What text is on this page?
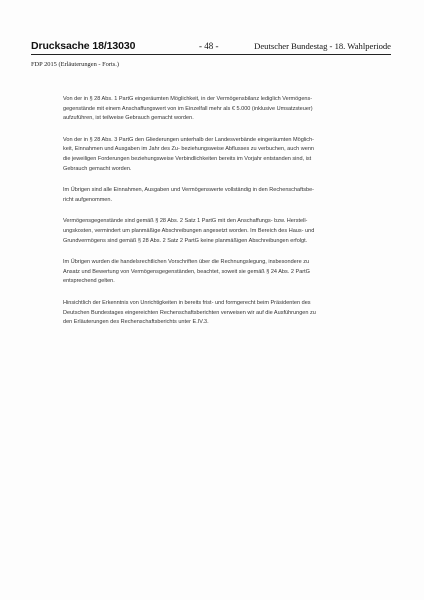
Drucksache 18/13030	- 48 -	Deutscher Bundestag - 18. Wahlperiode
FDP 2015 (Erläuterungen - Forts.)

Von der in § 28 Abs. 1 PartG eingeräumten Möglichkeit, in der Vermögensbilanz lediglich Vermögens-
gegenstände mit einem Anschaffungswert von im Einzelfall mehr als € 5.000 (inklusive Umsatzsteuer)
aufzuführen, ist teilweise Gebrauch gemacht worden.

Von der in § 28 Abs. 3 PartG den Gliederungen unterhalb der Landesverbände eingeräumten Möglich-
keit, Einnahmen und Ausgaben im Jahr des Zu- beziehungsweise Abflusses zu verbuchen, auch wenn
die jeweiligen Forderungen beziehungsweise Verbindlichkeiten bereits im Vorjahr entstanden sind, ist
Gebrauch gemacht worden.

Im Übrigen sind alle Einnahmen, Ausgaben und Vermögenswerte vollständig in den Rechenschaftsbe-
richt aufgenommen.

Vermögensgegenstände sind gemäß § 28 Abs. 2 Satz 1 PartG mit den Anschaffungs- bzw. Herstell-
ungskosten, vermindert um planmäßige Abschreibungen angesetzt worden. Im Bereich des Haus- und
Grundvermögens sind gemäß § 28 Abs. 2 Satz 2 PartG keine planmäßigen Abschreibungen erfolgt.

Im Übrigen wurden die handelsrechtlichen Vorschriften über die Rechnungslegung, insbesondere zu
Ansatz und Bewertung von Vermögensgegenständen, beachtet, soweit sie gemäß § 24 Abs. 2 PartG
entsprechend gelten.

Hinsichtlich der Erkenntnis von Unrichtigkeiten in bereits frist- und formgerecht beim Präsidenten des
Deutschen Bundestages eingereichten Rechenschaftsberichten verweisen wir auf die Ausführungen zu
den Erläuterungen des Rechenschaftsberichts unter E.IV.3.
